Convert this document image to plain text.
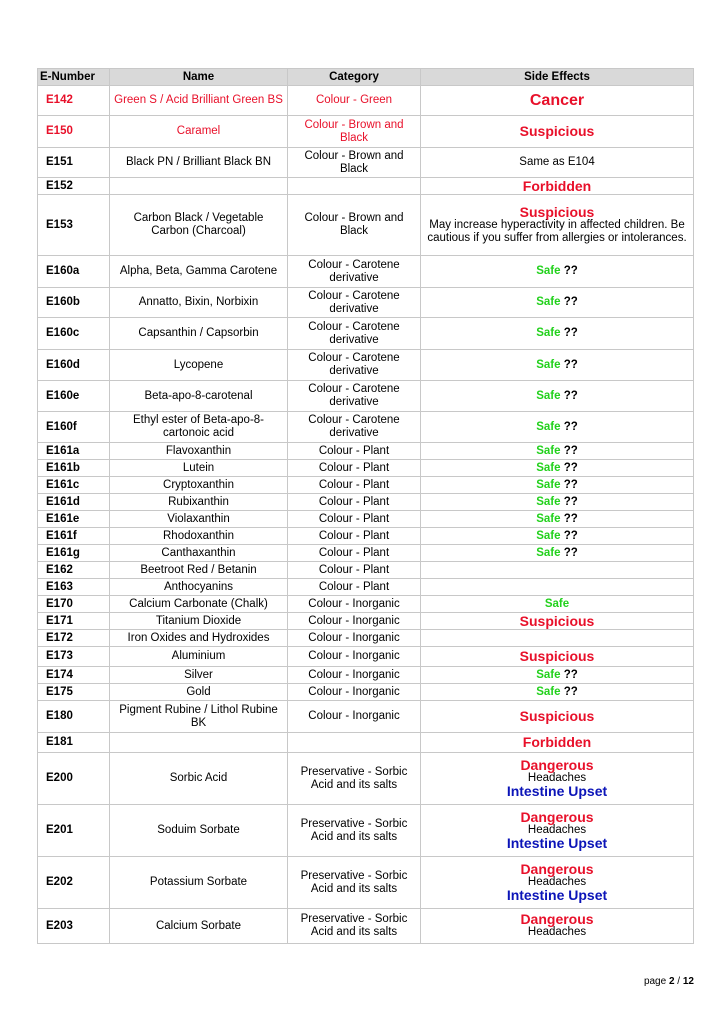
E-Number	Name	Category	Side Effects
E142	Green S / Acid Brilliant Green BS	Colour - Green	Cancer

E150	Caramel	Colour - Brown and Black	Suspicious

E151	Black PN / Brilliant Black BN	Colour - Brown and Black	Same as E104

E152			Forbidden

E153	Carbon Black / Vegetable Carbon (Charcoal)	Colour - Brown and Black	Suspicious
May increase hyperactivity in affected children. Be cautious if you suffer from allergies or intolerances.

E160a	Alpha, Beta, Gamma Carotene	Colour - Carotene derivative	Safe ??
E160b	Annatto, Bixin, Norbixin	Colour - Carotene derivative	Safe ??
E160c	Capsanthin / Capsorbin	Colour - Carotene derivative	Safe ??
E160d	Lycopene	Colour - Carotene derivative	Safe ??
E160e	Beta-apo-8-carotenal	Colour - Carotene derivative	Safe ??
E160f	Ethyl ester of Beta-apo-8-cartonoic acid	Colour - Carotene derivative	Safe ??
E161a	Flavoxanthin	Colour - Plant	Safe ??
E161b	Lutein	Colour - Plant	Safe ??
E161c	Cryptoxanthin	Colour - Plant	Safe ??
E161d	Rubixanthin	Colour - Plant	Safe ??
E161e	Violaxanthin	Colour - Plant	Safe ??
E161f	Rhodoxanthin	Colour - Plant	Safe ??
E161g	Canthaxanthin	Colour - Plant	Safe ??
E162	Beetroot Red / Betanin	Colour - Plant	
E163	Anthocyanins	Colour - Plant	
E170	Calcium Carbonate (Chalk)	Colour - Inorganic	Safe

E171	Titanium Dioxide	Colour - Inorganic	Suspicious

E172	Iron Oxides and Hydroxides	Colour - Inorganic	
E173	Aluminium	Colour - Inorganic	Suspicious

E174	Silver	Colour - Inorganic	Safe ??
E175	Gold	Colour - Inorganic	Safe ??
E180	Pigment Rubine / Lithol Rubine BK	Colour - Inorganic	Suspicious

E181			Forbidden

E200	Sorbic Acid	Preservative - Sorbic Acid and its salts	Dangerous
Headaches
Intestine Upset

E201	Soduim Sorbate	Preservative - Sorbic Acid and its salts	Dangerous
Headaches
Intestine Upset

E202	Potassium Sorbate	Preservative - Sorbic Acid and its salts	Dangerous
Headaches
Intestine Upset

E203	Calcium Sorbate	Preservative - Sorbic Acid and its salts	Dangerous
Headaches
page 2 / 12
